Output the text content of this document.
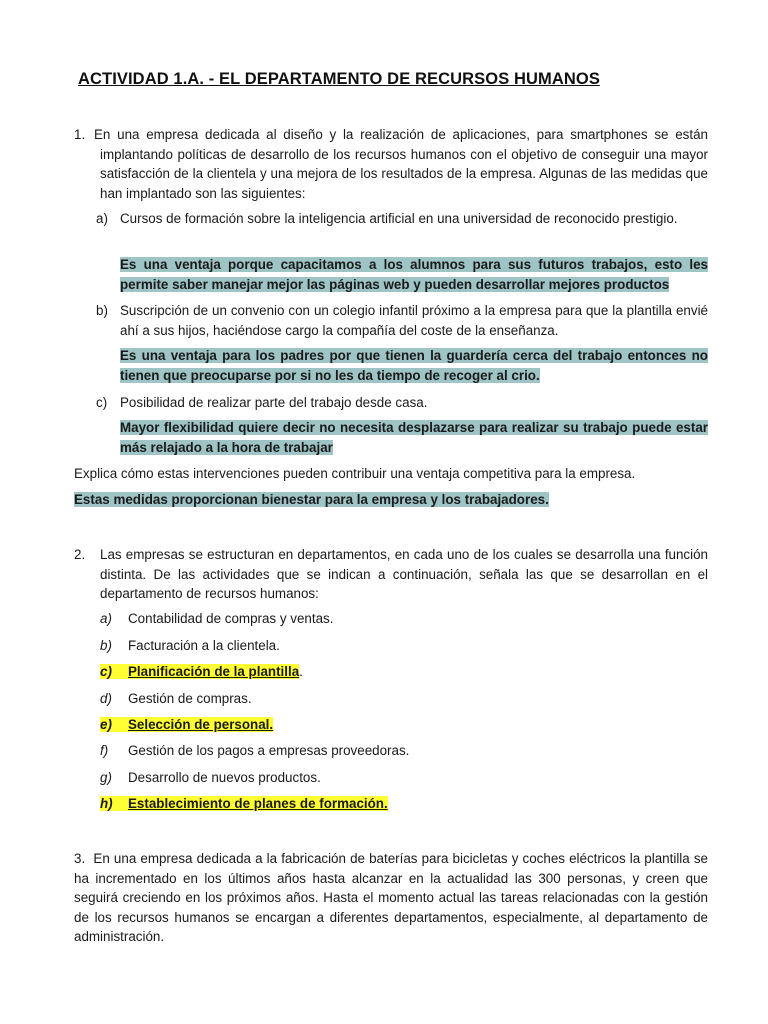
ACTIVIDAD 1.A. - EL DEPARTAMENTO DE RECURSOS HUMANOS
1. En una empresa dedicada al diseño y la realización de aplicaciones, para smartphones se están implantando políticas de desarrollo de los recursos humanos con el objetivo de conseguir una mayor satisfacción de la clientela y una mejora de los resultados de la empresa. Algunas de las medidas que han implantado son las siguientes:
a) Cursos de formación sobre la inteligencia artificial en una universidad de reconocido prestigio.
Es una ventaja porque capacitamos a los alumnos para sus futuros trabajos, esto les permite saber manejar mejor las páginas web y pueden desarrollar mejores productos
b) Suscripción de un convenio con un colegio infantil próximo a la empresa para que la plantilla envié ahí a sus hijos, haciéndose cargo la compañía del coste de la enseñanza.
Es una ventaja para los padres por que tienen la guardería cerca del trabajo entonces no tienen que preocuparse por si no les da tiempo de recoger al crio.
c) Posibilidad de realizar parte del trabajo desde casa.
Mayor flexibilidad quiere decir no necesita desplazarse para realizar su trabajo puede estar más relajado a la hora de trabajar
Explica cómo estas intervenciones pueden contribuir una ventaja competitiva para la empresa.
Estas medidas proporcionan bienestar para la empresa y los trabajadores.
2. Las empresas se estructuran en departamentos, en cada uno de los cuales se desarrolla una función distinta. De las actividades que se indican a continuación, señala las que se desarrollan en el departamento de recursos humanos:
a) Contabilidad de compras y ventas.
b) Facturación a la clientela.
c) Planificación de la plantilla.
d) Gestión de compras.
e) Selección de personal.
f) Gestión de los pagos a empresas proveedoras.
g) Desarrollo de nuevos productos.
h) Establecimiento de planes de formación.
3. En una empresa dedicada a la fabricación de baterías para bicicletas y coches eléctricos la plantilla se ha incrementado en los últimos años hasta alcanzar en la actualidad las 300 personas, y creen que seguirá creciendo en los próximos años. Hasta el momento actual las tareas relacionadas con la gestión de los recursos humanos se encargan a diferentes departamentos, especialmente, al departamento de administración.
